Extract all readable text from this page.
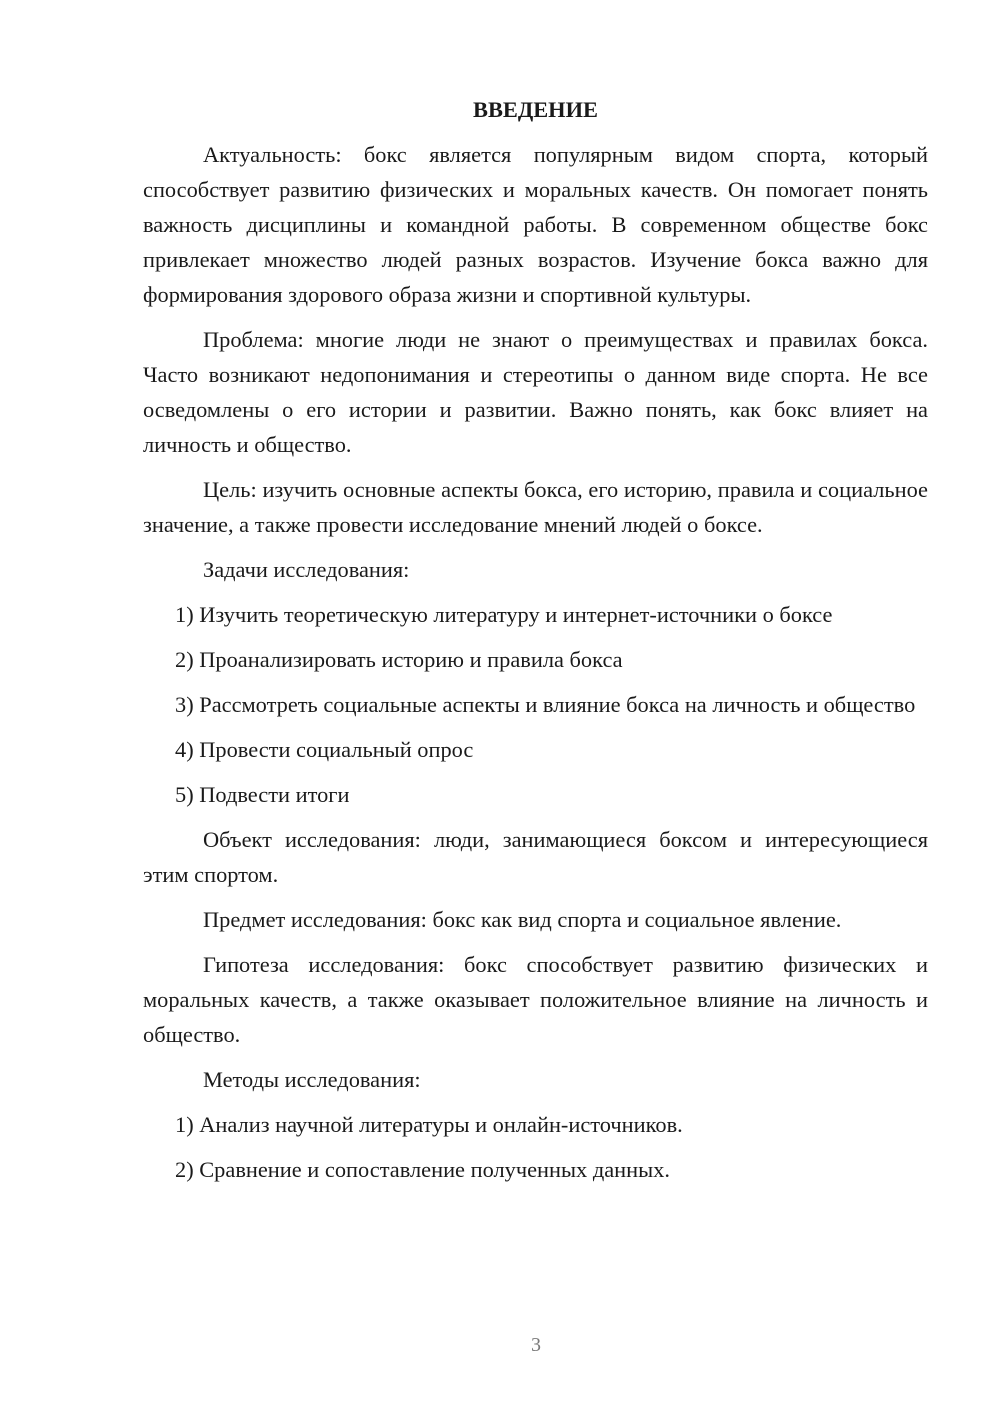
ВВЕДЕНИЕ

Актуальность: бокс является популярным видом спорта, который способствует развитию физических и моральных качеств. Он помогает понять важность дисциплины и командной работы. В современном обществе бокс привлекает множество людей разных возрастов. Изучение бокса важно для формирования здорового образа жизни и спортивной культуры.

Проблема: многие люди не знают о преимуществах и правилах бокса. Часто возникают недопонимания и стереотипы о данном виде спорта. Не все осведомлены о его истории и развитии. Важно понять, как бокс влияет на личность и общество.

Цель: изучить основные аспекты бокса, его историю, правила и социальное значение, а также провести исследование мнений людей о боксе.

Задачи исследования:

1) Изучить теоретическую литературу и интернет-источники о боксе

2) Проанализировать историю и правила бокса

3) Рассмотреть социальные аспекты и влияние бокса на личность и общество

4) Провести социальный опрос

5) Подвести итоги

Объект исследования: люди, занимающиеся боксом и интересующиеся этим спортом.

Предмет исследования: бокс как вид спорта и социальное явление.

Гипотеза исследования: бокс способствует развитию физических и моральных качеств, а также оказывает положительное влияние на личность и общество.

Методы исследования:

1) Анализ научной литературы и онлайн-источников.

2) Сравнение и сопоставление полученных данных.

3
